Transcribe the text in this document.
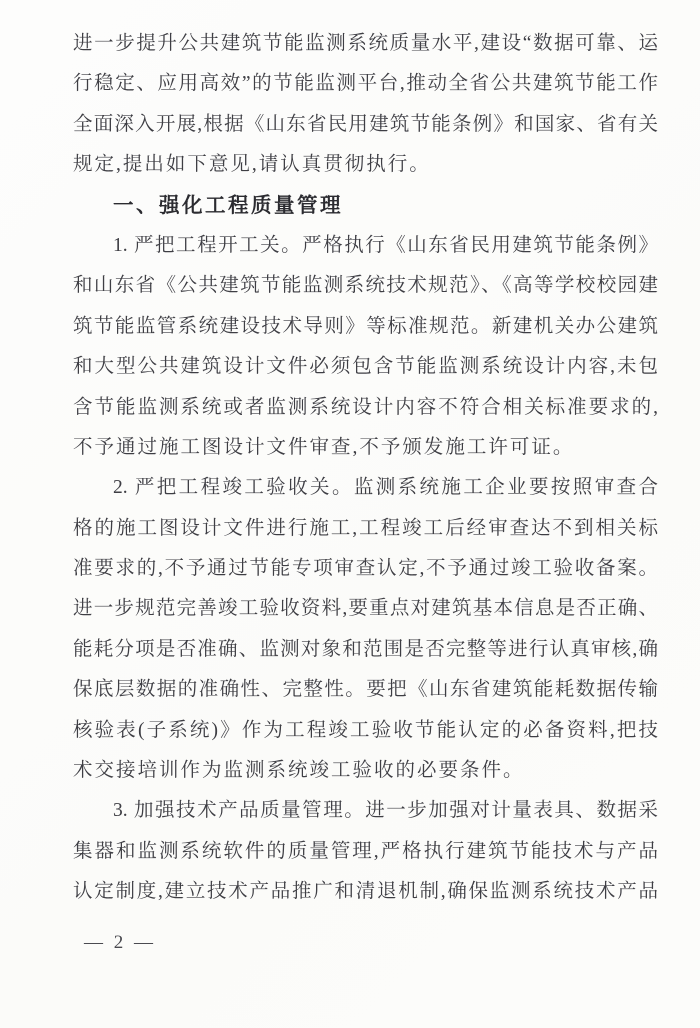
进一步提升公共建筑节能监测系统质量水平,建设“数据可靠、运
行稳定、应用高效”的节能监测平台,推动全省公共建筑节能工作
全面深入开展,根据《山东省民用建筑节能条例》和国家、省有关
规定,提出如下意见,请认真贯彻执行。
一、强化工程质量管理
1. 严把工程开工关。严格执行《山东省民用建筑节能条例》
和山东省《公共建筑节能监测系统技术规范》、《高等学校校园建
筑节能监管系统建设技术导则》等标准规范。新建机关办公建筑
和大型公共建筑设计文件必须包含节能监测系统设计内容,未包
含节能监测系统或者监测系统设计内容不符合相关标准要求的,
不予通过施工图设计文件审查,不予颁发施工许可证。
2. 严把工程竣工验收关。监测系统施工企业要按照审查合
格的施工图设计文件进行施工,工程竣工后经审查达不到相关标
准要求的,不予通过节能专项审查认定,不予通过竣工验收备案。
进一步规范完善竣工验收资料,要重点对建筑基本信息是否正确、
能耗分项是否准确、监测对象和范围是否完整等进行认真审核,确
保底层数据的准确性、完整性。要把《山东省建筑能耗数据传输
核验表(子系统)》作为工程竣工验收节能认定的必备资料,把技
术交接培训作为监测系统竣工验收的必要条件。
3. 加强技术产品质量管理。进一步加强对计量表具、数据采
集器和监测系统软件的质量管理,严格执行建筑节能技术与产品
认定制度,建立技术产品推广和清退机制,确保监测系统技术产品
— 2 —
